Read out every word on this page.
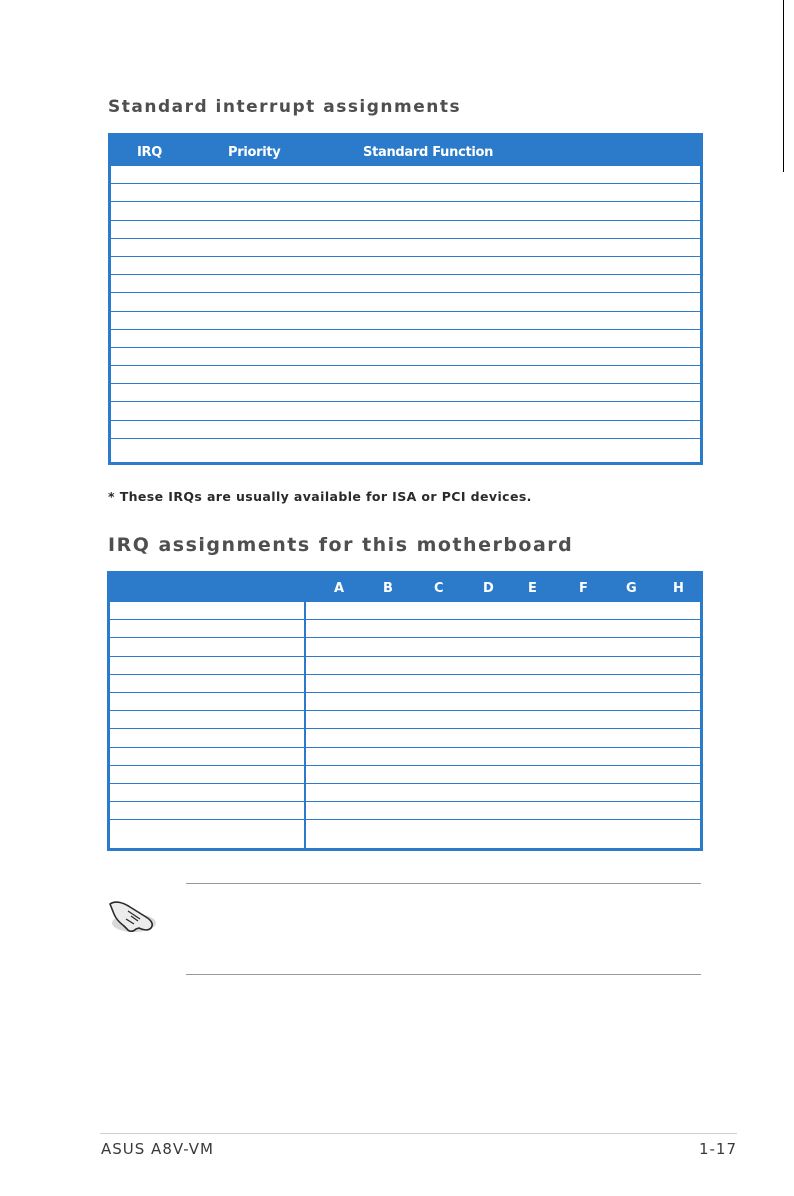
Standard interrupt assignments
IRQ	Priority	Standard Function
* These IRQs are usually available for ISA or PCI devices.
IRQ assignments for this motherboard
A	B	C	D	E	F	G	H
ASUS A8V-VM	1-17
